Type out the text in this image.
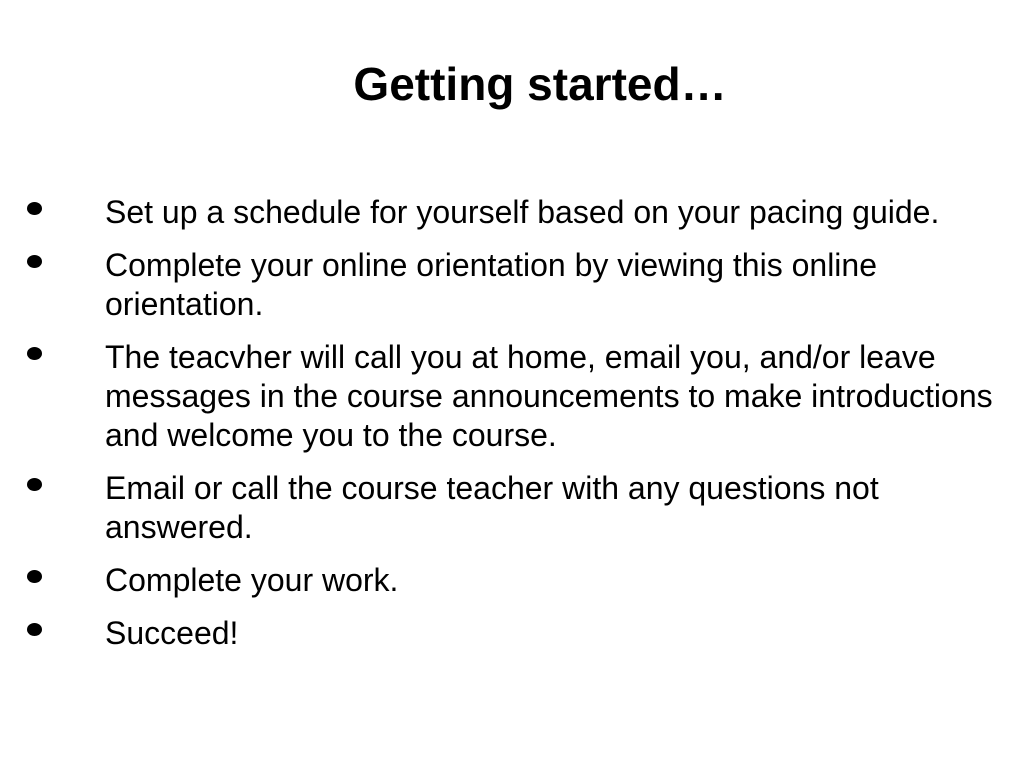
Getting started…
Set up a schedule for yourself based on your pacing guide.
Complete your online orientation by viewing this online
orientation.
The teacvher will call you at home, email you, and/or leave
messages in the course announcements to make introductions
and welcome you to the course.
Email or call the course teacher with any questions not
answered.
Complete your work.
Succeed!
